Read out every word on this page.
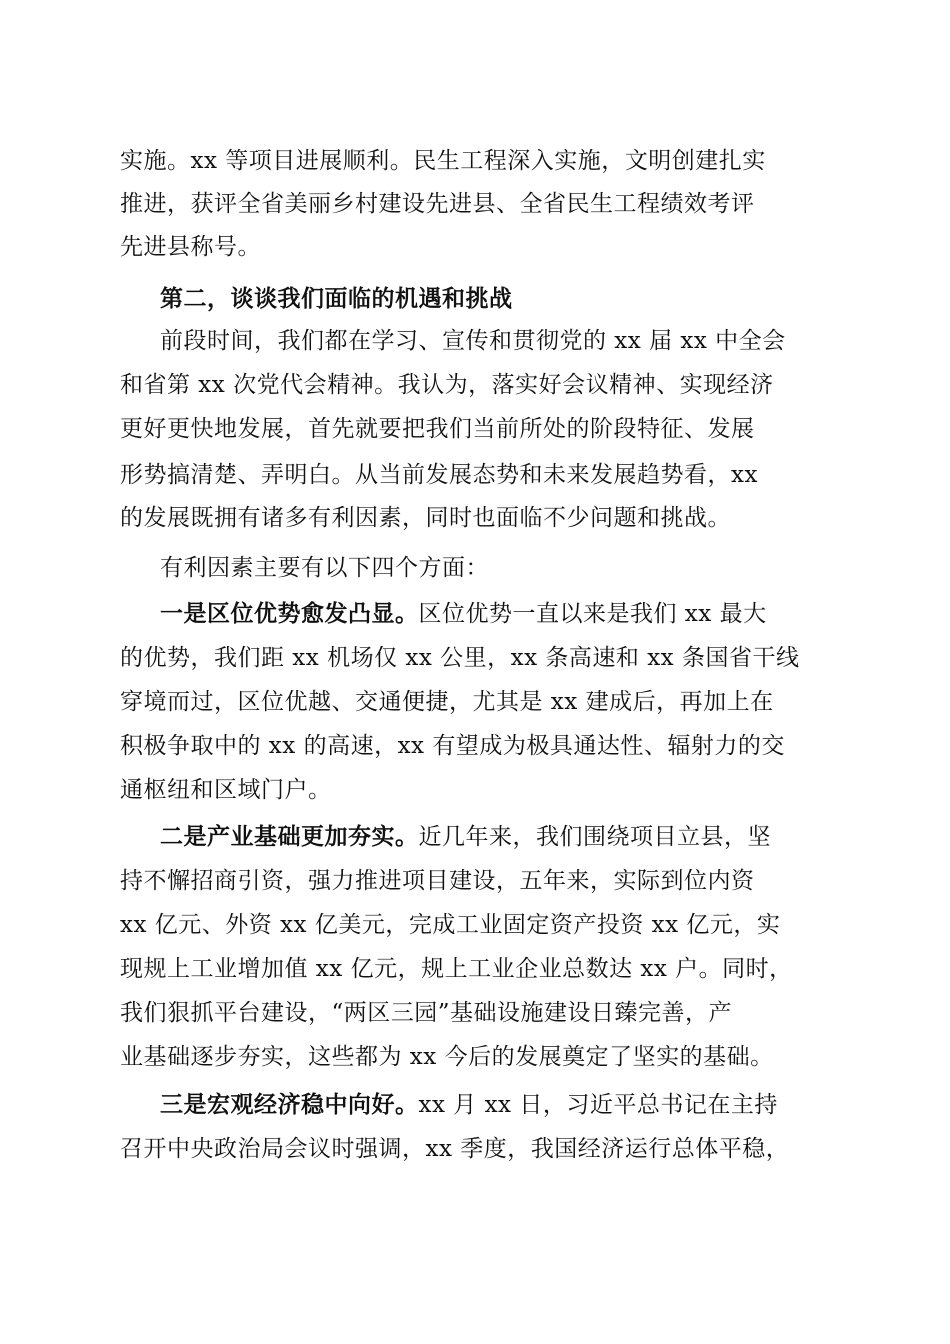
实施。xx 等项目进展顺利。民生工程深入实施，文明创建扎实
推进，获评全省美丽乡村建设先进县、全省民生工程绩效考评
先进县称号。
第二，谈谈我们面临的机遇和挑战
前段时间，我们都在学习、宣传和贯彻党的 xx 届 xx 中全会
和省第 xx 次党代会精神。我认为，落实好会议精神、实现经济
更好更快地发展，首先就要把我们当前所处的阶段特征、发展
形势搞清楚、弄明白。从当前发展态势和未来发展趋势看，xx
的发展既拥有诸多有利因素，同时也面临不少问题和挑战。
有利因素主要有以下四个方面：
一是区位优势愈发凸显。区位优势一直以来是我们 xx 最大
的优势，我们距 xx 机场仅 xx 公里，xx 条高速和 xx 条国省干线
穿境而过，区位优越、交通便捷，尤其是 xx 建成后，再加上在
积极争取中的 xx 的高速，xx 有望成为极具通达性、辐射力的交
通枢纽和区域门户。
二是产业基础更加夯实。近几年来，我们围绕项目立县，坚
持不懈招商引资，强力推进项目建设，五年来，实际到位内资
xx 亿元、外资 xx 亿美元，完成工业固定资产投资 xx 亿元，实
现规上工业增加值 xx 亿元，规上工业企业总数达 xx 户。同时，
我们狠抓平台建设，“两区三园”基础设施建设日臻完善，产
业基础逐步夯实，这些都为 xx 今后的发展奠定了坚实的基础。
三是宏观经济稳中向好。xx 月 xx 日，习近平总书记在主持
召开中央政治局会议时强调，xx 季度，我国经济运行总体平稳，
